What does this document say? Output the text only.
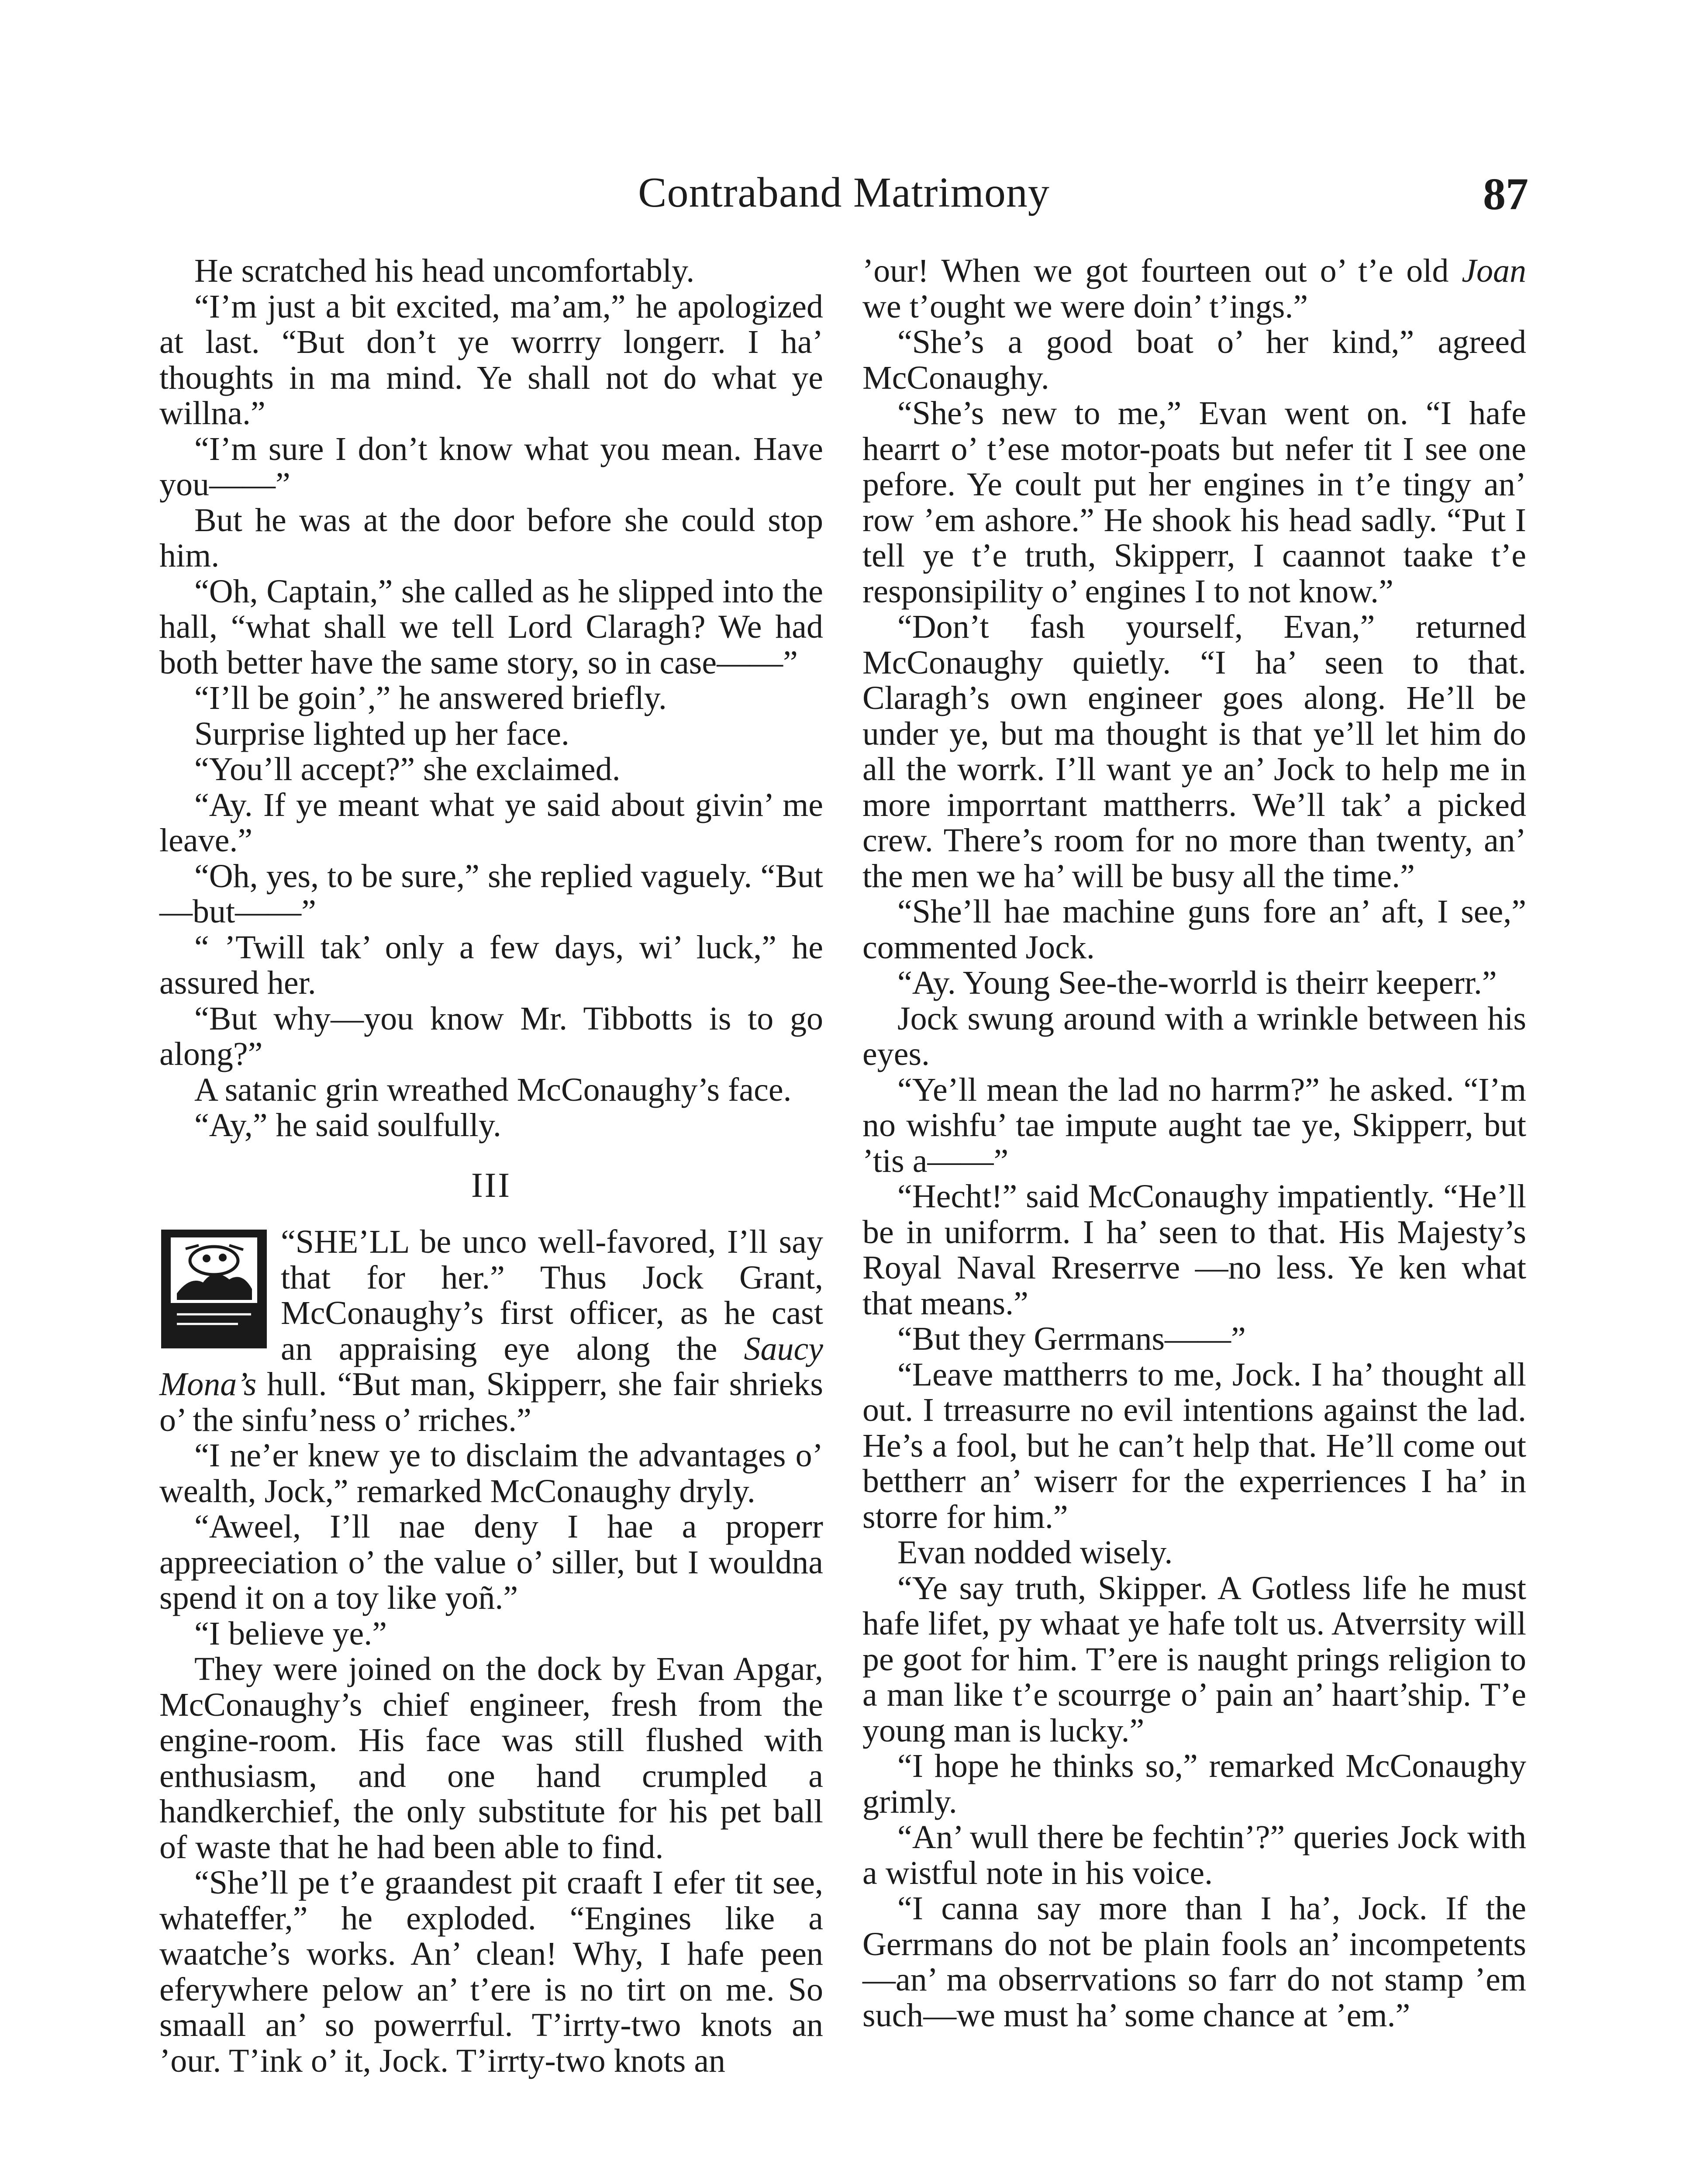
Contraband Matrimony	87

He scratched his head uncomfortably.

“I’m just a bit excited, ma’am,” he apologized at last. “But don’t ye worrry longerr. I ha’ thoughts in ma mind. Ye shall not do what ye willna.”

“I’m sure I don’t know what you mean. Have you——”

But he was at the door before she could stop him.

“Oh, Captain,” she called as he slipped into the hall, “what shall we tell Lord Claragh? We had both better have the same story, so in case——”

“I’ll be goin’,” he answered briefly.

Surprise lighted up her face.

“You’ll accept?” she exclaimed.

“Ay. If ye meant what ye said about givin’ me leave.”

“Oh, yes, to be sure,” she replied vaguely. “But—but——”

“ ’Twill tak’ only a few days, wi’ luck,” he assured her.

“But why—you know Mr. Tibbotts is to go along?”

A satanic grin wreathed McConaughy’s face.

“Ay,” he said soulfully.

III

“SHE’LL be unco well-favored, I’ll say that for her.” Thus Jock Grant, McConaughy’s first officer, as he cast an appraising eye along the Saucy Mona’s hull. “But man, Skipperr, she fair shrieks o’ the sinfu’ness o’ rriches.”

“I ne’er knew ye to disclaim the advantages o’ wealth, Jock,” remarked McConaughy dryly.

“Aweel, I’ll nae deny I hae a properr appreeciation o’ the value o’ siller, but I wouldna spend it on a toy like yoñ.”

“I believe ye.”

They were joined on the dock by Evan Apgar, McConaughy’s chief engineer, fresh from the engine-room. His face was still flushed with enthusiasm, and one hand crumpled a handkerchief, the only substitute for his pet ball of waste that he had been able to find.

“She’ll pe t’e graandest pit craaft I efer tit see, whateffer,” he exploded. “Engines like a waatche’s works. An’ clean! Why, I hafe peen eferywhere pelow an’ t’ere is no tirt on me. So smaall an’ so powerrful. T’irrty-two knots an ’our. T’ink o’ it, Jock. T’irrty-two knots an

’our! When we got fourteen out o’ t’e old Joan we t’ought we were doin’ t’ings.”

“She’s a good boat o’ her kind,” agreed McConaughy.

“She’s new to me,” Evan went on. “I hafe hearrt o’ t’ese motor-poats but nefer tit I see one pefore. Ye coult put her engines in t’e tingy an’ row ’em ashore.” He shook his head sadly. “Put I tell ye t’e truth, Skipperr, I caannot taake t’e responsipility o’ engines I to not know.”

“Don’t fash yourself, Evan,” returned McConaughy quietly. “I ha’ seen to that. Claragh’s own engineer goes along. He’ll be under ye, but ma thought is that ye’ll let him do all the worrk. I’ll want ye an’ Jock to help me in more imporrtant mattherrs. We’ll tak’ a picked crew. There’s room for no more than twenty, an’ the men we ha’ will be busy all the time.”

“She’ll hae machine guns fore an’ aft, I see,” commented Jock.

“Ay. Young See-the-worrld is theirr keeperr.”

Jock swung around with a wrinkle between his eyes.

“Ye’ll mean the lad no harrm?” he asked. “I’m no wishfu’ tae impute aught tae ye, Skipperr, but ’tis a——”

“Hecht!” said McConaughy impatiently. “He’ll be in uniforrm. I ha’ seen to that. His Majesty’s Royal Naval Rreserrve —no less. Ye ken what that means.”

“But they Gerrmans——”

“Leave mattherrs to me, Jock. I ha’ thought all out. I trreasurre no evil intentions against the lad. He’s a fool, but he can’t help that. He’ll come out bettherr an’ wiserr for the experriences I ha’ in storre for him.”

Evan nodded wisely.

“Ye say truth, Skipper. A Gotless life he must hafe lifet, py whaat ye hafe tolt us. Atverrsity will pe goot for him. T’ere is naught prings religion to a man like t’e scourrge o’ pain an’ haart’ship. T’e young man is lucky.”

“I hope he thinks so,” remarked McConaughy grimly.

“An’ wull there be fechtin’?” queries Jock with a wistful note in his voice.

“I canna say more than I ha’, Jock. If the Gerrmans do not be plain fools an’ incompetents—an’ ma obserrvations so farr do not stamp ’em such—we must ha’ some chance at ’em.”
